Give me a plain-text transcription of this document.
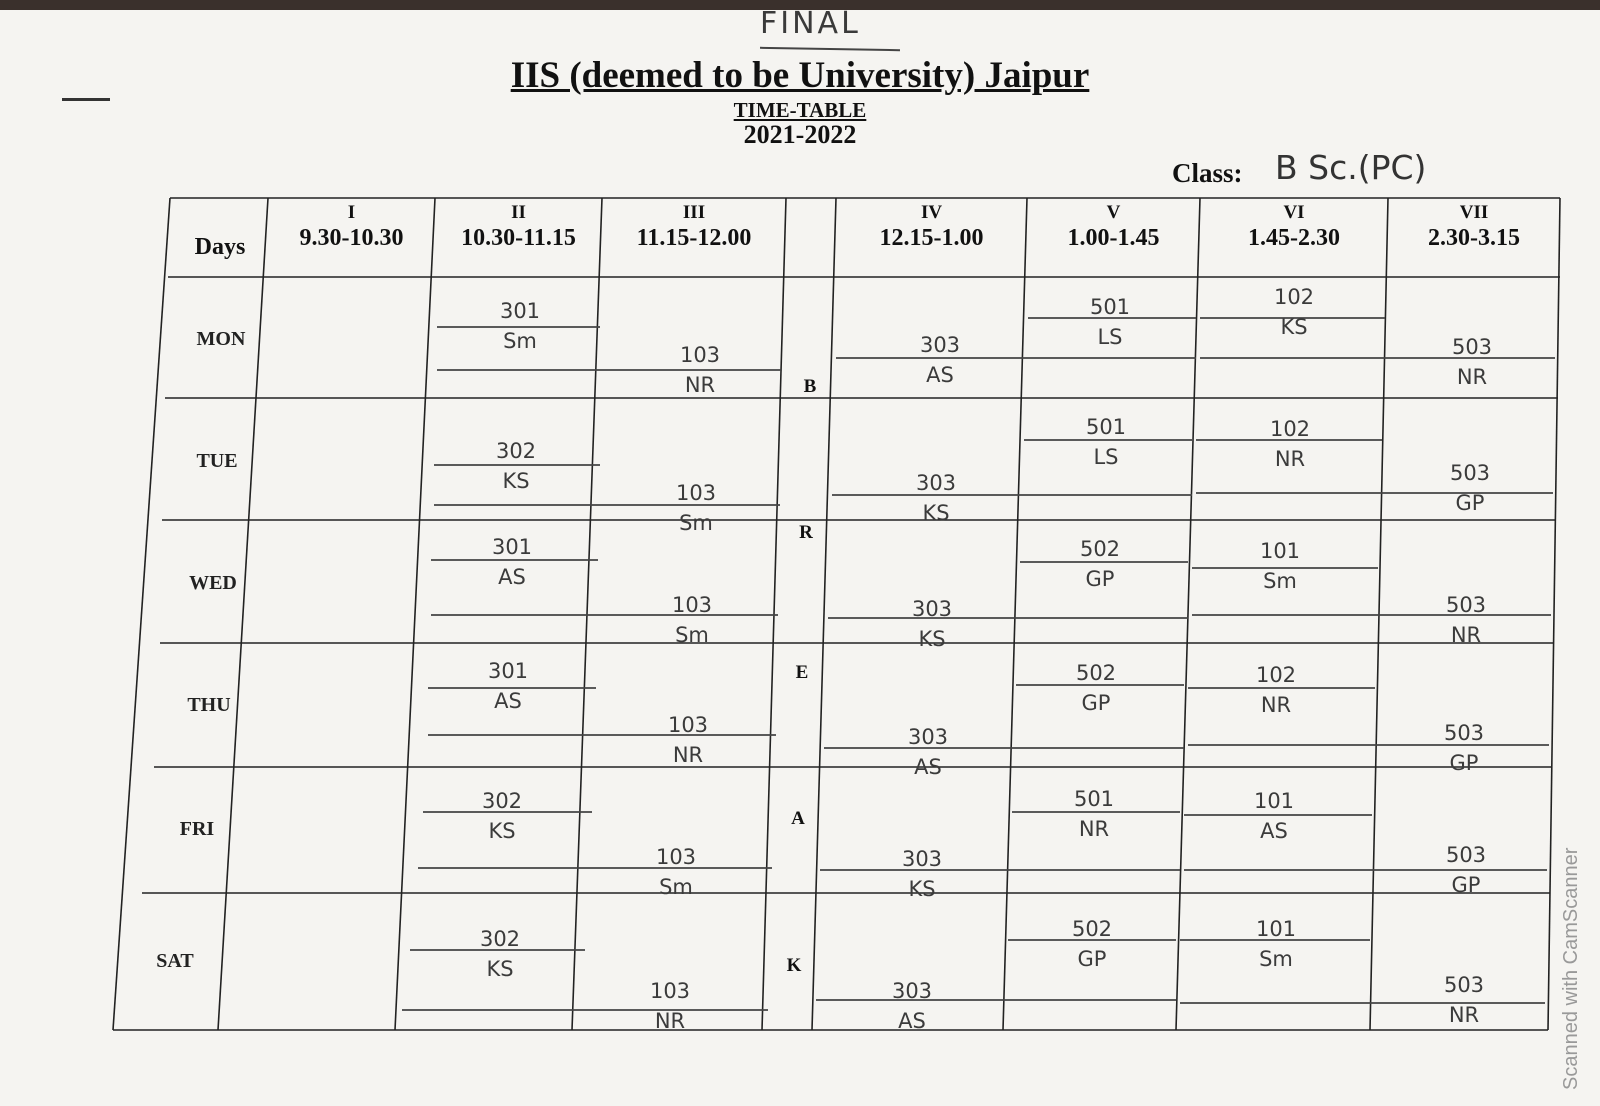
FINAL
IIS (deemed to be University) Jaipur
TIME-TABLE
2021-2022
Class: B Sc.(PC)
Days
I
9.30-10.30
II
10.30-11.15
III
11.15-12.00
IV
12.15-1.00
V
1.00-1.45
VI
1.45-2.30
VII
2.30-3.15
B
R
E
A
K
MON
TUE
WED
THU
FRI
SAT
301
Sm
103
NR
303
AS
501
LS
102
KS
503
NR
302
KS	103
Sm
303
KS
501
LS
102
NR
503
GP
301
AS
103
Sm
303
KS
502
GP
101
Sm
503
NR
301
AS
103
NR
303
AS
502
GP
102
NR
503
GP
302
KS
103
Sm
303
KS
501
NR
101
AS
503
GP
302
KS
103
NR
303
AS
502
GP
101
Sm
503
NR	Scanned with CamScanner
